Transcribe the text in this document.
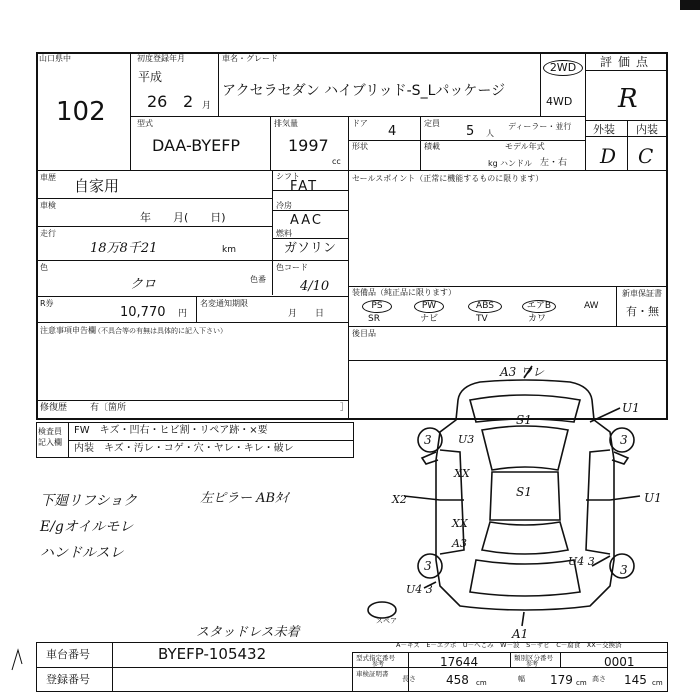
山口県中
102
初度登録年月
平成
26 2 月
車名・グレード
アクセラセダン ハイブリッド-S_Lパッケージ
2WD
4WD
評価点
R
外装 内装
D C
型式
DAA-BYEFP
排気量
1997
cc
ドア
4
定員
5 人
ディーラー・並行
形状	積載	モデル年式
kg ハンドル 左・右
車歴 自家用
車検
年　　月(　　日)
走行
18万8千21	km
色
クロ	色番
R券
10,770 円
名変通知期限
月　　日
シフト
FAT
冷房
AAC
燃料
ガソリン
色コード
4/10
セールスポイント（正常に機能するものに限ります）
装備品（純正品に限ります）	新車保証書
有・無
PS	PW	ABS	エアB	AW
SR	ナビ	TV	カワ
後目品
注意事項申告欄
（不具合等の有無は具体的に記入下さい）
修復歴	有〔箇所	］
検査員記入欄
FW　キズ・凹右・ヒビ割・リペア跡・×要
内装 キズ・汚レ・コゲ・穴・ヤレ・キレ・破レ
下廻リフショク
E/gオイルモレ
ハンドルスレ
左ピラー ABﾀｲ
スタッドレス未着
A3 ワレ
S1
U1
U3
3	3
XX
S1	U1
XX
A3
X2
3	3
U4 3
U4 3
A1
スペア
A－キズ　E－エクボ　U－へこみ　W－波　S－サビ　C－腐食　XX－交換済
車台番号	BYEFP-105432
登録番号
型式指定番号
参考	17644	類別区分番号
参考	0001
車検証明書
長さ	458 cm	幅 179 cm 高さ 145 cm
